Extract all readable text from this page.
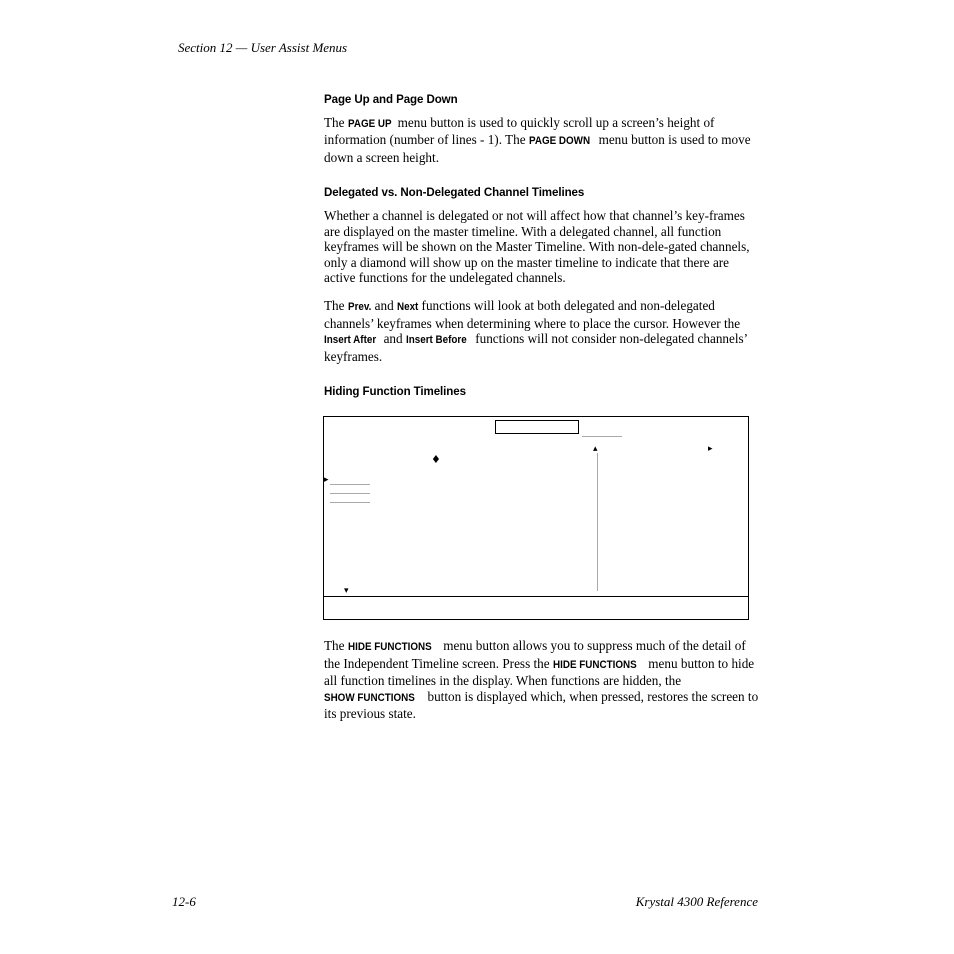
Section 12 — User Assist Menus
Page Up and Page Down

The PAGE UP menu button is used to quickly scroll up a screen’s height of information (number of lines - 1). The PAGE DOWN menu button is used to move down a screen height.

Delegated vs. Non-Delegated Channel Timelines

Whether a channel is delegated or not will affect how that channel’s key-frames are displayed on the master timeline. With a delegated channel, all function keyframes will be shown on the Master Timeline. With non-dele-gated channels, only a diamond will show up on the master timeline to indicate that there are active functions for the undelegated channels.

The Prev. and Next functions will look at both delegated and non-delegated channels’ keyframes when determining where to place the cursor. However the Insert After and Insert Before functions will not consider non-delegated channels’ keyframes.

Hiding Function Timelines
♦
▴	▸
▸
▾

The HIDE FUNCTIONS menu button allows you to suppress much of the detail of the Independent Timeline screen. Press the HIDE FUNCTIONS menu button to hide all function timelines in the display. When functions are hidden, the SHOW FUNCTIONS button is displayed which, when pressed, restores the screen to its previous state.

12-6	Krystal 4300 Reference
